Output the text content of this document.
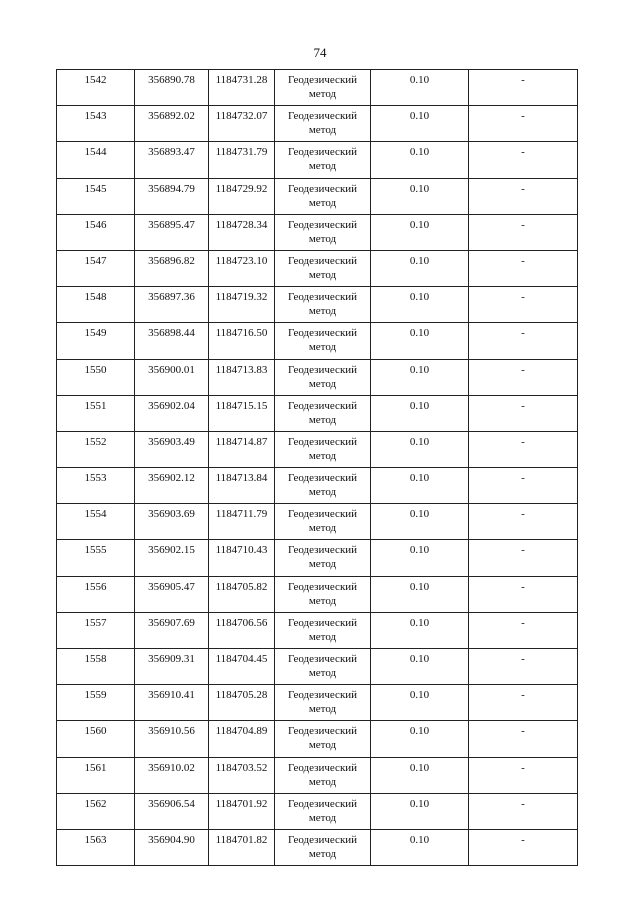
74
1542	356890.78	1184731.28	Геодезический метод	0.10	-
1543	356892.02	1184732.07	Геодезический метод	0.10	-
1544	356893.47	1184731.79	Геодезический метод	0.10	-
1545	356894.79	1184729.92	Геодезический метод	0.10	-
1546	356895.47	1184728.34	Геодезический метод	0.10	-
1547	356896.82	1184723.10	Геодезический метод	0.10	-
1548	356897.36	1184719.32	Геодезический метод	0.10	-
1549	356898.44	1184716.50	Геодезический метод	0.10	-
1550	356900.01	1184713.83	Геодезический метод	0.10	-
1551	356902.04	1184715.15	Геодезический метод	0.10	-
1552	356903.49	1184714.87	Геодезический метод	0.10	-
1553	356902.12	1184713.84	Геодезический метод	0.10	-
1554	356903.69	1184711.79	Геодезический метод	0.10	-
1555	356902.15	1184710.43	Геодезический метод	0.10	-
1556	356905.47	1184705.82	Геодезический метод	0.10	-
1557	356907.69	1184706.56	Геодезический метод	0.10	-
1558	356909.31	1184704.45	Геодезический метод	0.10	-
1559	356910.41	1184705.28	Геодезический метод	0.10	-
1560	356910.56	1184704.89	Геодезический метод	0.10	-
1561	356910.02	1184703.52	Геодезический метод	0.10	-
1562	356906.54	1184701.92	Геодезический метод	0.10	-
1563	356904.90	1184701.82	Геодезический метод	0.10	-
